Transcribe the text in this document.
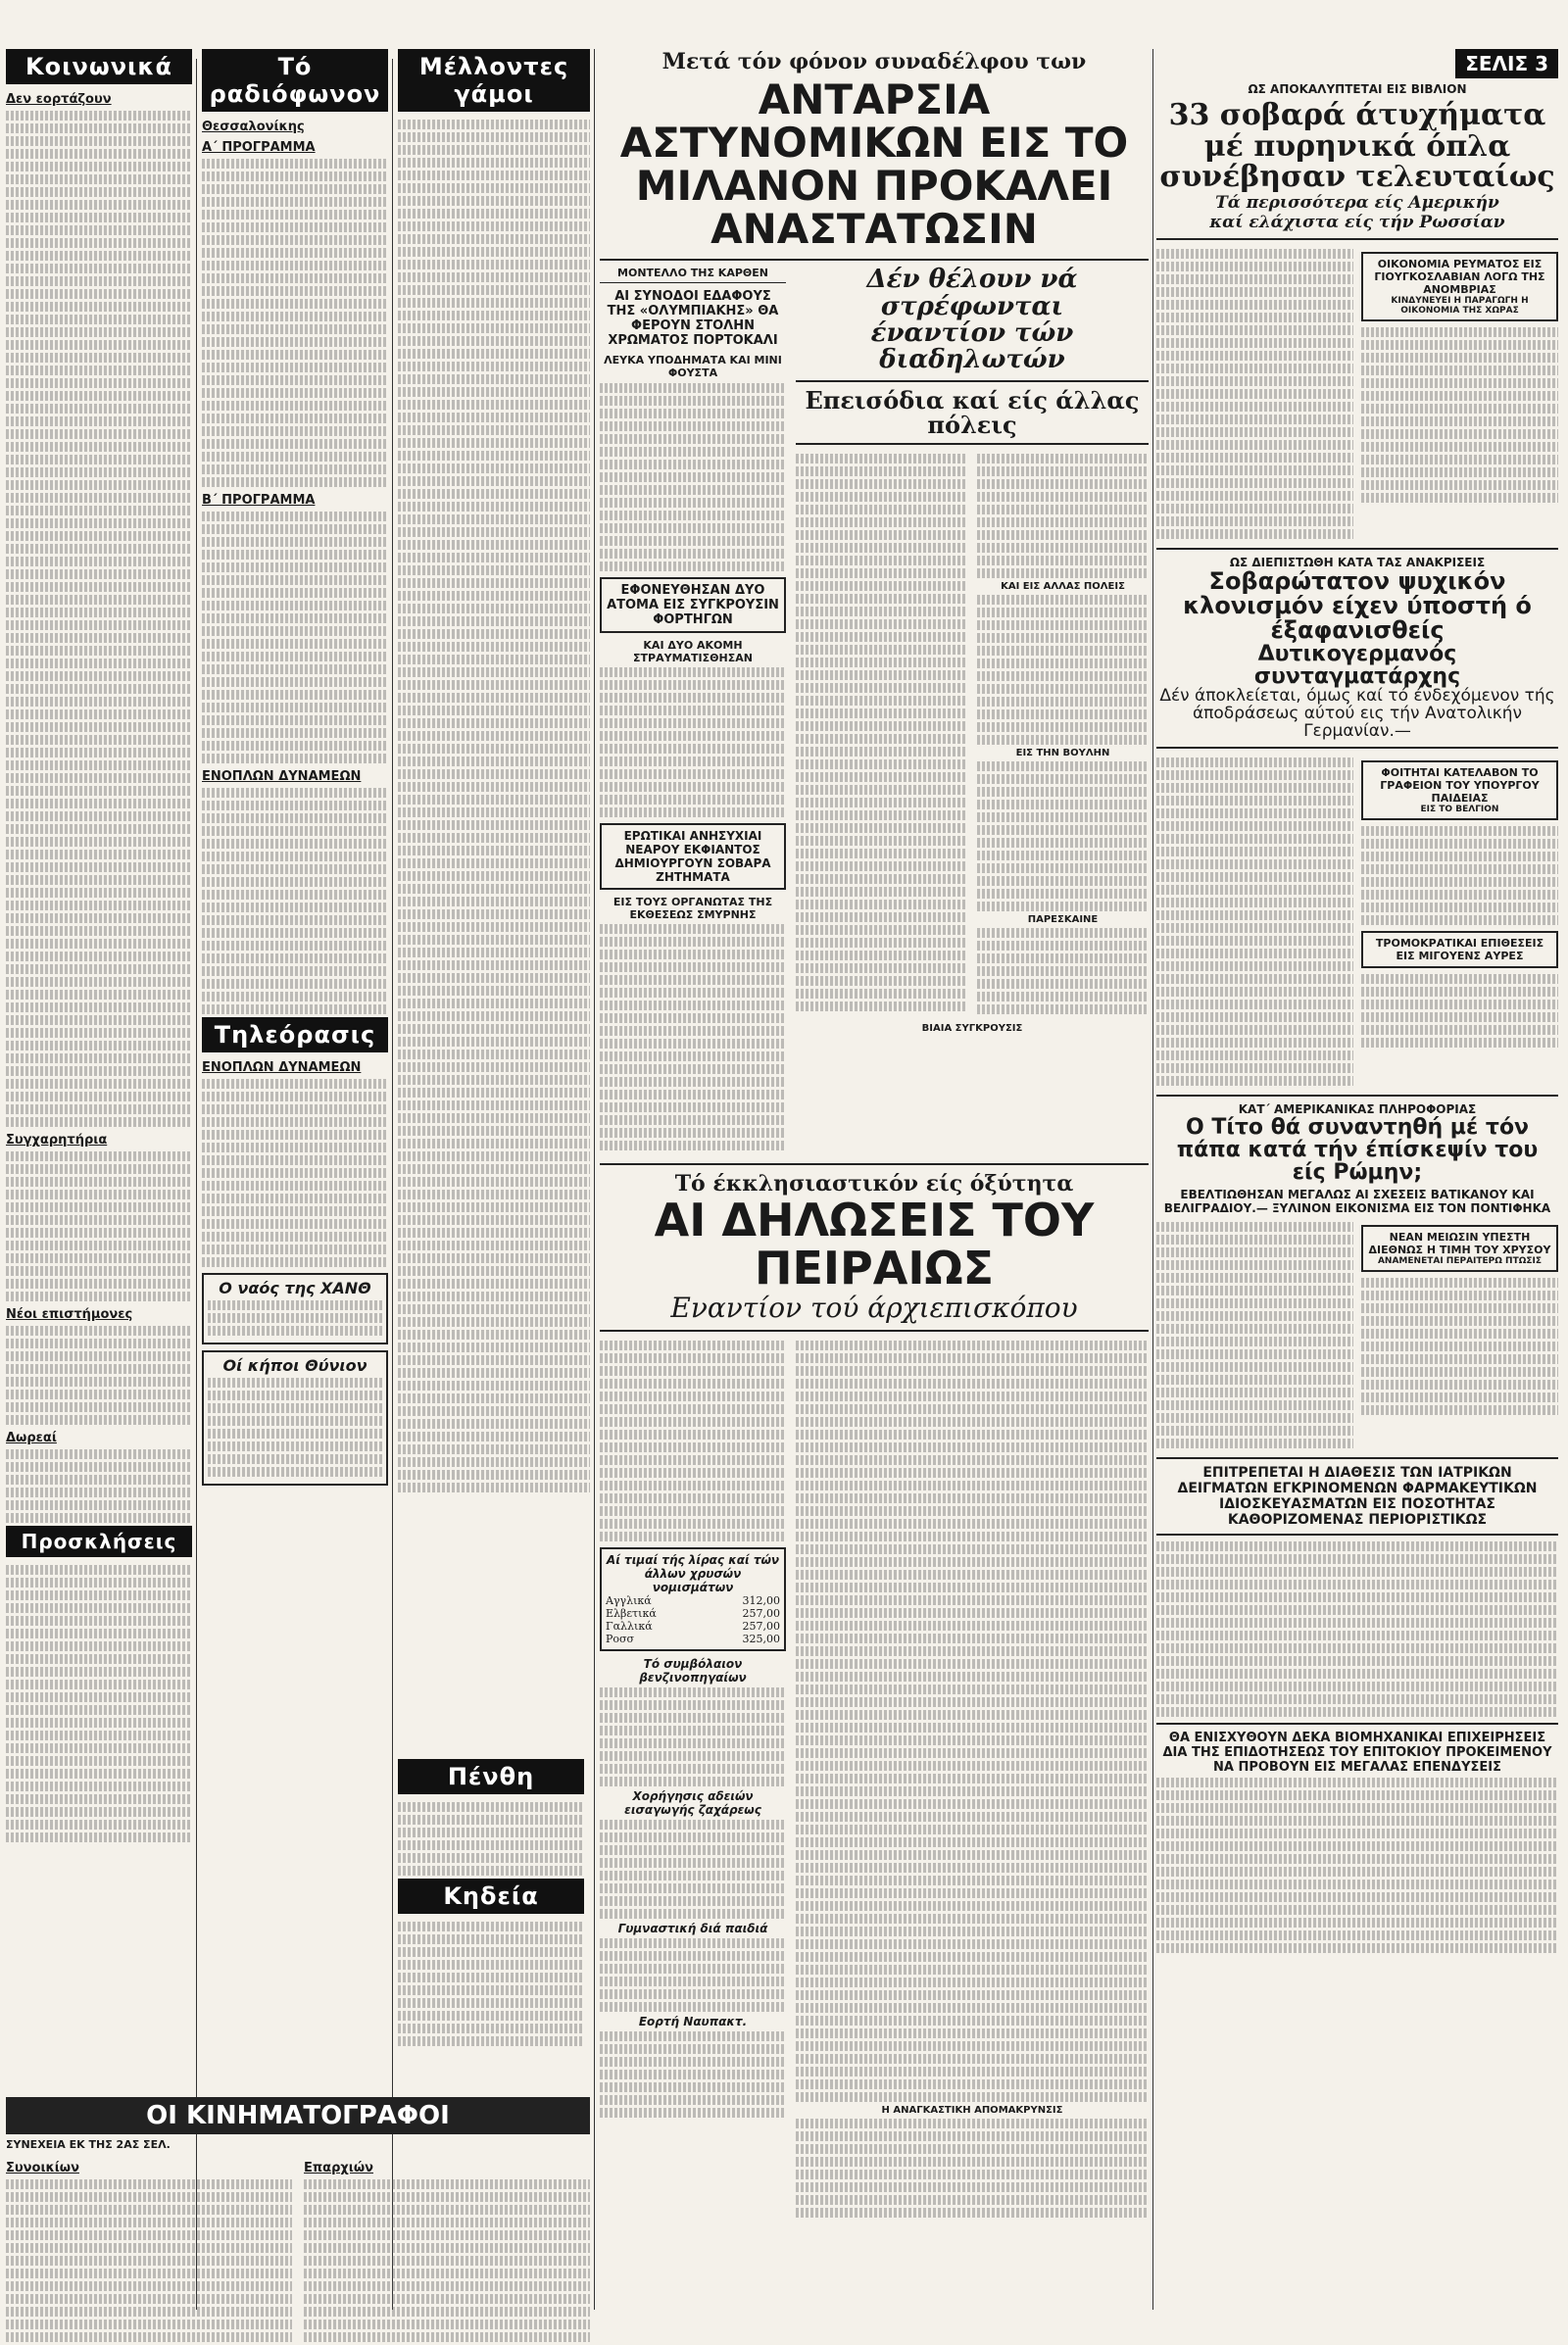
Κοινωνικά
Δεν εορτάζουν
Συγχαρητήρια
Νέοι επιστήμονες
Δωρεαί
Προσκλήσεις
Τό ραδιόφωνον
Θεσσαλονίκης
Α΄ ΠΡΟΓΡΑΜΜΑ
Β΄ ΠΡΟΓΡΑΜΜΑ
ΕΝΟΠΛΩΝ ΔΥΝΑΜΕΩΝ
Τηλεόρασις
ΕΝΟΠΛΩΝ ΔΥΝΑΜΕΩΝ
Ο ναός της ΧΑΝΘ
Οί κήποι Θύνιον
Μέλλοντες γάμοι
Πένθη
Κηδεία
ΟΙ ΚΙΝΗΜΑΤΟΓΡΑΦΟΙ
ΣΥΝΕΧΕΙΑ ΕΚ ΤΗΣ 2ΑΣ ΣΕΛ.
Συνοικίων	Επαρχιών
Μετά τόν φόνον συναδέλφου των
ΑΝΤΑΡΣΙΑ ΑΣΤΥΝΟΜΙΚΩΝ ΕΙΣ ΤΟ ΜΙΛΑΝΟΝ ΠΡΟΚΑΛΕΙ ΑΝΑΣΤΑΤΩΣΙΝ
ΜΟΝΤΕΛΛΟ ΤΗΣ ΚΑΡΘΕΝ
ΑΙ ΣΥΝΟΔΟΙ ΕΔΑΦΟΥΣ ΤΗΣ «ΟΛΥΜΠΙΑΚΗΣ» ΘΑ ΦΕΡΟΥΝ ΣΤΟΛΗΝ ΧΡΩΜΑΤΟΣ ΠΟΡΤΟΚΑΛΙ
ΛΕΥΚΑ ΥΠΟΔΗΜΑΤΑ ΚΑΙ ΜΙΝΙ ΦΟΥΣΤΑ
ΕΦΟΝΕΥΘΗΣΑΝ ΔΥΟ ΑΤΟΜΑ ΕΙΣ ΣΥΓΚΡΟΥΣΙΝ ΦΟΡΤΗΓΩΝ
ΚΑΙ ΔΥΟ ΑΚΟΜΗ ΣΤΡΑΥΜΑΤΙΣΘΗΣΑΝ
ΕΡΩΤΙΚΑΙ ΑΝΗΣΥΧΙΑΙ ΝΕΑΡΟΥ ΕΚΦΙΑΝΤΟΣ ΔΗΜΙΟΥΡΓΟΥΝ ΣΟΒΑΡΑ ΖΗΤΗΜΑΤΑ
ΕΙΣ ΤΟΥΣ ΟΡΓΑΝΩΤΑΣ ΤΗΣ ΕΚΘΕΣΕΩΣ ΣΜΥΡΝΗΣ
Δέν θέλουν νά στρέφωνται
έναντίον τών διαδηλωτών
Επεισόδια καί είς άλλας πόλεις
ΚΑΙ ΕΙΣ ΑΛΛΑΣ ΠΟΛΕΙΣ
ΕΙΣ ΤΗΝ ΒΟΥΛΗΝ
ΠΑΡΕΣΚΑΙΝΕ
ΒΙΑΙΑ ΣΥΓΚΡΟΥΣΙΣ
Τό έκκλησιαστικόν είς όξύτητα
ΑΙ ΔΗΛΩΣΕΙΣ ΤΟΥ ΠΕΙΡΑΙΩΣ
Εναντίον τού άρχιεπισκόπου
Αί τιμαί τής λίρας καί τών άλλων χρυσών νομισμάτων
Αγγλικά	312,00
Ελβετικά	257,00
Γαλλικά	257,00
Ροσσ	325,00
Τό συμβόλαιον βενζινοπηγαίων
Χορήγησις αδειών εισαγωγής ζαχάρεως
Γυμναστική διά παιδιά
Εορτή Ναυπακτ.
Η ΑΝΑΓΚΑΣΤΙΚΗ ΑΠΟΜΑΚΡΥΝΣΙΣ
ΣΕΛΙΣ 3
ΩΣ ΑΠΟΚΑΛΥΠΤΕΤΑΙ ΕΙΣ ΒΙΒΛΙΟΝ
33 σοβαρά άτυχήματα μέ πυρηνικά όπλα συνέβησαν τελευταίως
Τά περισσότερα είς Αμερικήν
καί ελάχιστα είς τήν Ρωσσίαν
ΟΙΚΟΝΟΜΙΑ ΡΕΥΜΑΤΟΣ ΕΙΣ ΓΙΟΥΓΚΟΣΛΑΒΙΑΝ ΛΟΓΩ ΤΗΣ ΑΝΟΜΒΡΙΑΣ
ΚΙΝΔΥΝΕΥΕΙ Η ΠΑΡΑΓΩΓΗ Η ΟΙΚΟΝΟΜΙΑ ΤΗΣ ΧΩΡΑΣ
ΩΣ ΔΙΕΠΙΣΤΩΘΗ ΚΑΤΑ ΤΑΣ ΑΝΑΚΡΙΣΕΙΣ
Σοβαρώτατον ψυχικόν κλονισμόν είχεν ύποστή ό έξαφανισθείς
Δυτικογερμανός συνταγματάρχης
Δέν άποκλείεται, όμως καί τό ένδεχόμενον τής άποδράσεως αύτού εις τήν Ανατολικήν Γερμανίαν.—
ΦΟΙΤΗΤΑΙ ΚΑΤΕΛΑΒΟΝ ΤΟ ΓΡΑΦΕΙΟΝ ΤΟΥ ΥΠΟΥΡΓΟΥ ΠΑΙΔΕΙΑΣ
ΕΙΣ ΤΟ ΒΕΛΓΙΟΝ
ΤΡΟΜΟΚΡΑΤΙΚΑΙ ΕΠΙΘΕΣΕΙΣ ΕΙΣ ΜΙΓΟΥΕΝΣ ΑΥΡΕΣ
ΚΑΤ΄ ΑΜΕΡΙΚΑΝΙΚΑΣ ΠΛΗΡΟΦΟΡΙΑΣ
Ο Τίτο θά συναντηθή μέ τόν πάπα κατά τήν έπίσκεψίν του είς Ρώμην;
ΕΒΕΛΤΙΩΘΗΣΑΝ ΜΕΓΑΛΩΣ ΑΙ ΣΧΕΣΕΙΣ ΒΑΤΙΚΑΝΟΥ ΚΑΙ ΒΕΛΙΓΡΑΔΙΟΥ.— ΞΥΛΙΝΟΝ ΕΙΚΟΝΙΣΜΑ ΕΙΣ ΤΟΝ ΠΟΝΤΙΦΗΚΑ
ΝΕΑΝ ΜΕΙΩΣΙΝ ΥΠΕΣΤΗ ΔΙΕΘΝΩΣ Η ΤΙΜΗ ΤΟΥ ΧΡΥΣΟΥ
ΑΝΑΜΕΝΕΤΑΙ ΠΕΡΑΙΤΕΡΩ ΠΤΩΣΙΣ
ΕΠΙΤΡΕΠΕΤΑΙ Η ΔΙΑΘΕΣΙΣ ΤΩΝ ΙΑΤΡΙΚΩΝ ΔΕΙΓΜΑΤΩΝ ΕΓΚΡΙΝΟΜΕΝΩΝ ΦΑΡΜΑΚΕΥΤΙΚΩΝ ΙΔΙΟΣΚΕΥΑΣΜΑΤΩΝ ΕΙΣ ΠΟΣΟΤΗΤΑΣ ΚΑΘΟΡΙΖΟΜΕΝΑΣ ΠΕΡΙΟΡΙΣΤΙΚΩΣ
ΘΑ ΕΝΙΣΧΥΘΟΥΝ ΔΕΚΑ ΒΙΟΜΗΧΑΝΙΚΑΙ ΕΠΙΧΕΙΡΗΣΕΙΣ ΔΙΑ ΤΗΣ ΕΠΙΔΟΤΗΣΕΩΣ ΤΟΥ ΕΠΙΤΟΚΙΟΥ ΠΡΟΚΕΙΜΕΝΟΥ ΝΑ ΠΡΟΒΟΥΝ ΕΙΣ ΜΕΓΑΛΑΣ ΕΠΕΝΔΥΣΕΙΣ
